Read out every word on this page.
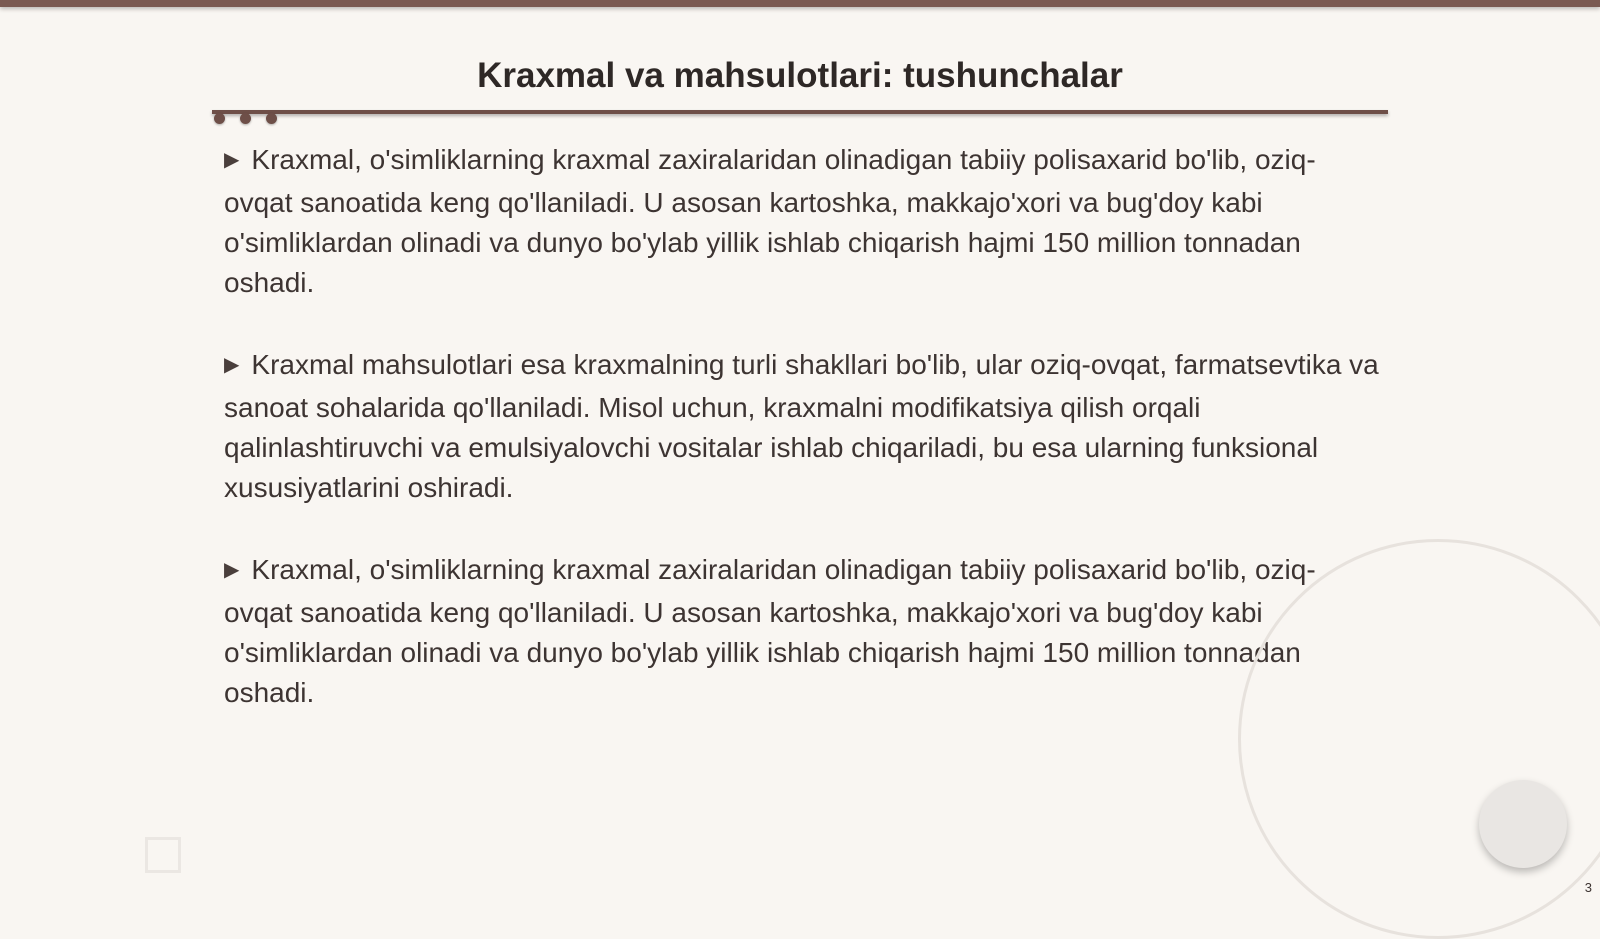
Kraxmal va mahsulotlari: tushunchalar

▶ Kraxmal, o'simliklarning kraxmal zaxiralaridan olinadigan tabiiy polisaxarid bo'lib, oziq-ovqat sanoatida keng qo'llaniladi. U asosan kartoshka, makkajo'xori va bug'doy kabi o'simliklardan olinadi va dunyo bo'ylab yillik ishlab chiqarish hajmi 150 million tonnadan oshadi.

▶ Kraxmal mahsulotlari esa kraxmalning turli shakllari bo'lib, ular oziq-ovqat, farmatsevtika va sanoat sohalarida qo'llaniladi. Misol uchun, kraxmalni modifikatsiya qilish orqali qalinlashtiruvchi va emulsiyalovchi vositalar ishlab chiqariladi, bu esa ularning funksional xususiyatlarini oshiradi.

▶ Kraxmal, o'simliklarning kraxmal zaxiralaridan olinadigan tabiiy polisaxarid bo'lib, oziq-ovqat sanoatida keng qo'llaniladi. U asosan kartoshka, makkajo'xori va bug'doy kabi o'simliklardan olinadi va dunyo bo'ylab yillik ishlab chiqarish hajmi 150 million tonnadan oshadi.

3
